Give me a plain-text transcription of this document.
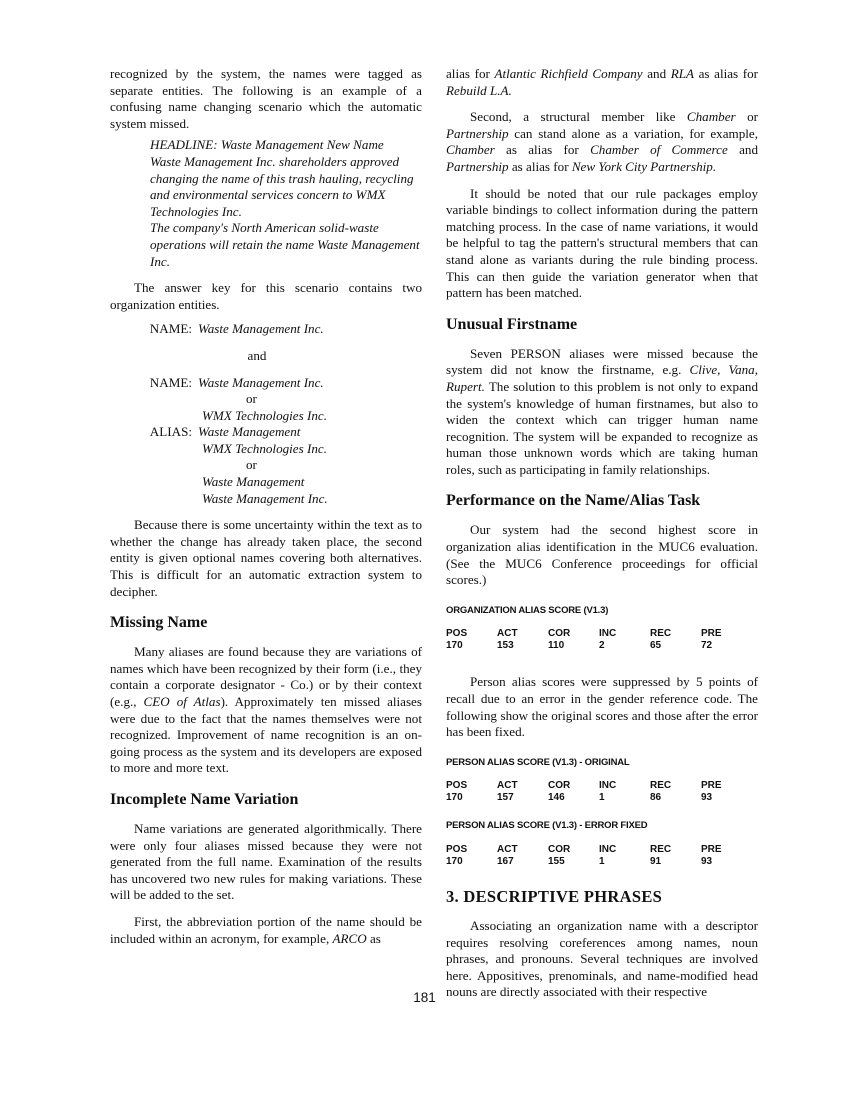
recognized by the system, the names were tagged as separate entities. The following is an example of a confusing name changing scenario which the automatic system missed.

HEADLINE: Waste Management New Name
Waste Management Inc. shareholders approved changing the name of this trash hauling, recycling and environmental services concern to WMX Technologies Inc.
The company's North American solid-waste operations will retain the name Waste Management Inc.

The answer key for this scenario contains two organization entities.

NAME: Waste Management Inc.
and
NAME: Waste Management Inc.
or
WMX Technologies Inc.
ALIAS: Waste Management
WMX Technologies Inc.
or
Waste Management
Waste Management Inc.

Because there is some uncertainty within the text as to whether the change has already taken place, the second entity is given optional names covering both alternatives. This is difficult for an automatic extraction system to decipher.

Missing Name

Many aliases are found because they are variations of names which have been recognized by their form (i.e., they contain a corporate designator - Co.) or by their context (e.g., CEO of Atlas). Approximately ten missed aliases were due to the fact that the names themselves were not recognized. Improvement of name recognition is an on-going process as the system and its developers are exposed to more and more text.

Incomplete Name Variation

Name variations are generated algorithmically. There were only four aliases missed because they were not generated from the full name. Examination of the results has uncovered two new rules for making variations. These will be added to the set.

First, the abbreviation portion of the name should be included within an acronym, for example, ARCO as

alias for Atlantic Richfield Company and RLA as alias for Rebuild L.A.

Second, a structural member like Chamber or Partnership can stand alone as a variation, for example, Chamber as alias for Chamber of Commerce and Partnership as alias for New York City Partnership.

It should be noted that our rule packages employ variable bindings to collect information during the pattern matching process. In the case of name variations, it would be helpful to tag the pattern's structural members that can stand alone as variants during the rule binding process. This can then guide the variation generator when that pattern has been matched.

Unusual Firstname

Seven PERSON aliases were missed because the system did not know the firstname, e.g. Clive, Vana, Rupert. The solution to this problem is not only to expand the system's knowledge of human firstnames, but also to widen the context which can trigger human name recognition. The system will be expanded to recognize as human those unknown words which are taking human roles, such as participating in family relationships.

Performance on the Name/Alias Task

Our system had the second highest score in organization alias identification in the MUC6 evaluation. (See the MUC6 Conference proceedings for official scores.)

ORGANIZATION ALIAS SCORE (V1.3)
POS	ACT	COR	INC	REC	PRE
170	153	110	2	65	72

Person alias scores were suppressed by 5 points of recall due to an error in the gender reference code. The following show the original scores and those after the error has been fixed.

PERSON ALIAS SCORE (V1.3) - ORIGINAL
POS	ACT	COR	INC	REC	PRE
170	157	146	1	86	93
PERSON ALIAS SCORE (V1.3) - ERROR FIXED
POS	ACT	COR	INC	REC	PRE
170	167	155	1	91	93
3. DESCRIPTIVE PHRASES

Associating an organization name with a descriptor requires resolving coreferences among names, noun phrases, and pronouns. Several techniques are involved here. Appositives, prenominals, and name-modified head nouns are directly associated with their respective

181
